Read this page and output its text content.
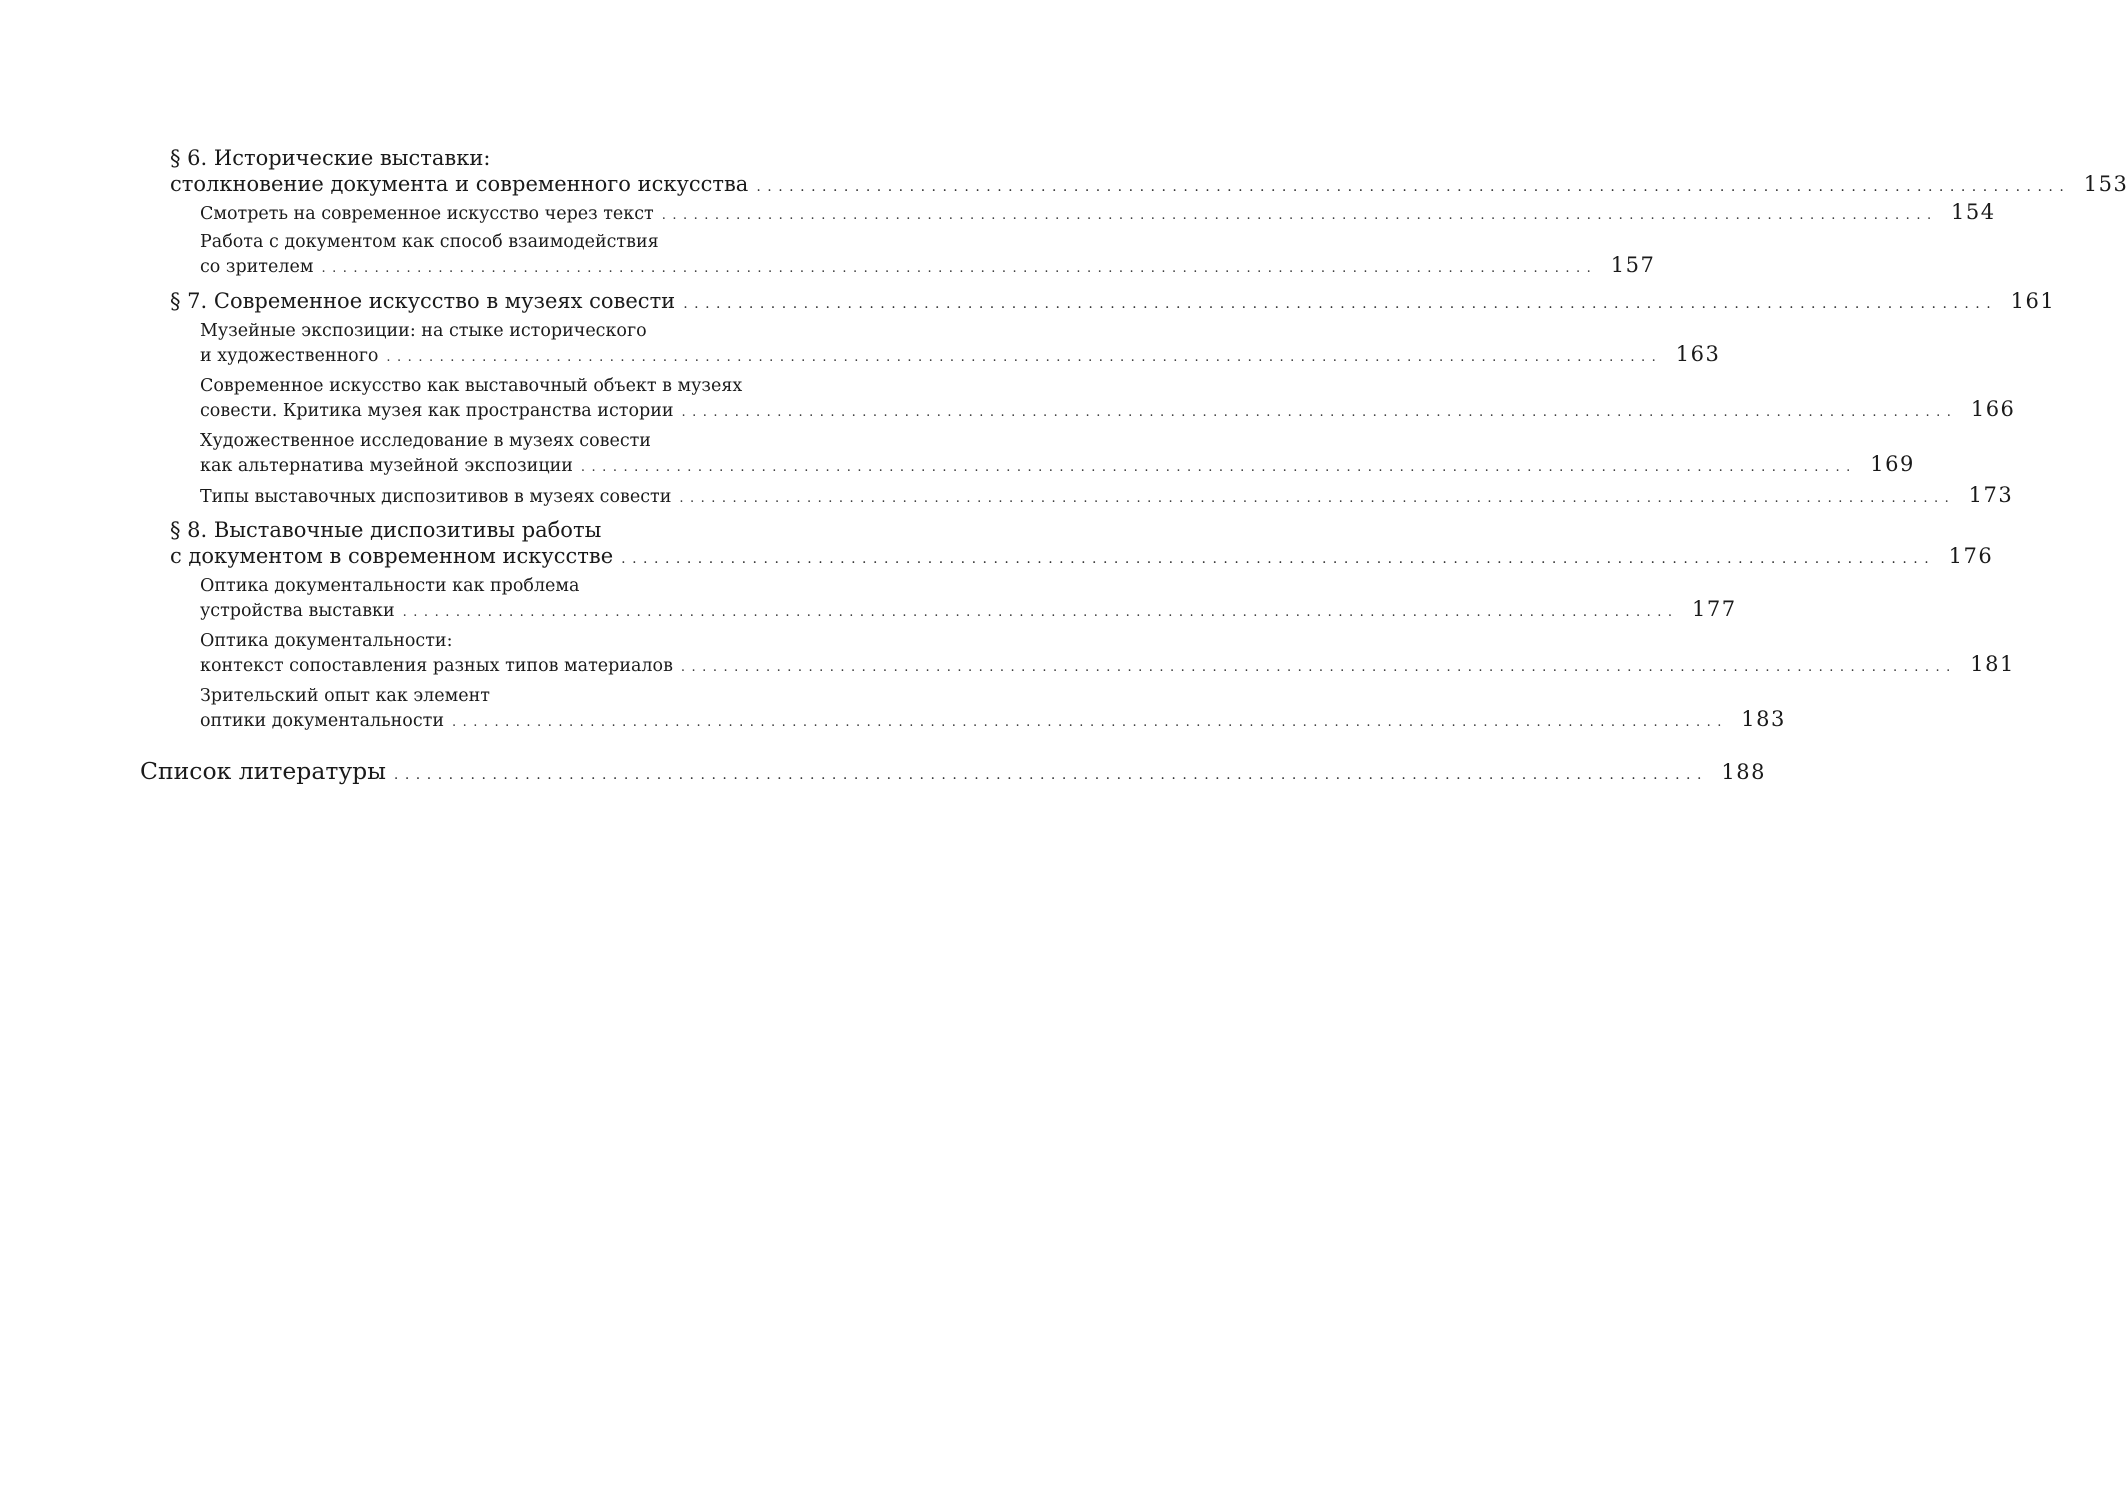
§ 6. Исторические выставки:
столкновение документа и современного искусства ........................................................................................................................ 153
Смотреть на современное искусство через текст ........................................................................................................................ 154
Работа с документом как способ взаимодействия
со зрителем ........................................................................................................................ 157
§ 7. Современное искусство в музеях совести ........................................................................................................................ 161
Музейные экспозиции: на стыке исторического
и художественного ........................................................................................................................ 163
Современное искусство как выставочный объект в музеях
совести. Критика музея как пространства истории ........................................................................................................................ 166
Художественное исследование в музеях совести
как альтернатива музейной экспозиции ........................................................................................................................ 169
Типы выставочных диспозитивов в музеях совести ........................................................................................................................ 173
§ 8. Выставочные диспозитивы работы
с документом в современном искусстве ........................................................................................................................ 176
Оптика документальности как проблема
устройства выставки ........................................................................................................................ 177
Оптика документальности:
контекст сопоставления разных типов материалов ........................................................................................................................ 181
Зрительский опыт как элемент
оптики документальности ........................................................................................................................ 183
Список литературы ........................................................................................................................ 188
